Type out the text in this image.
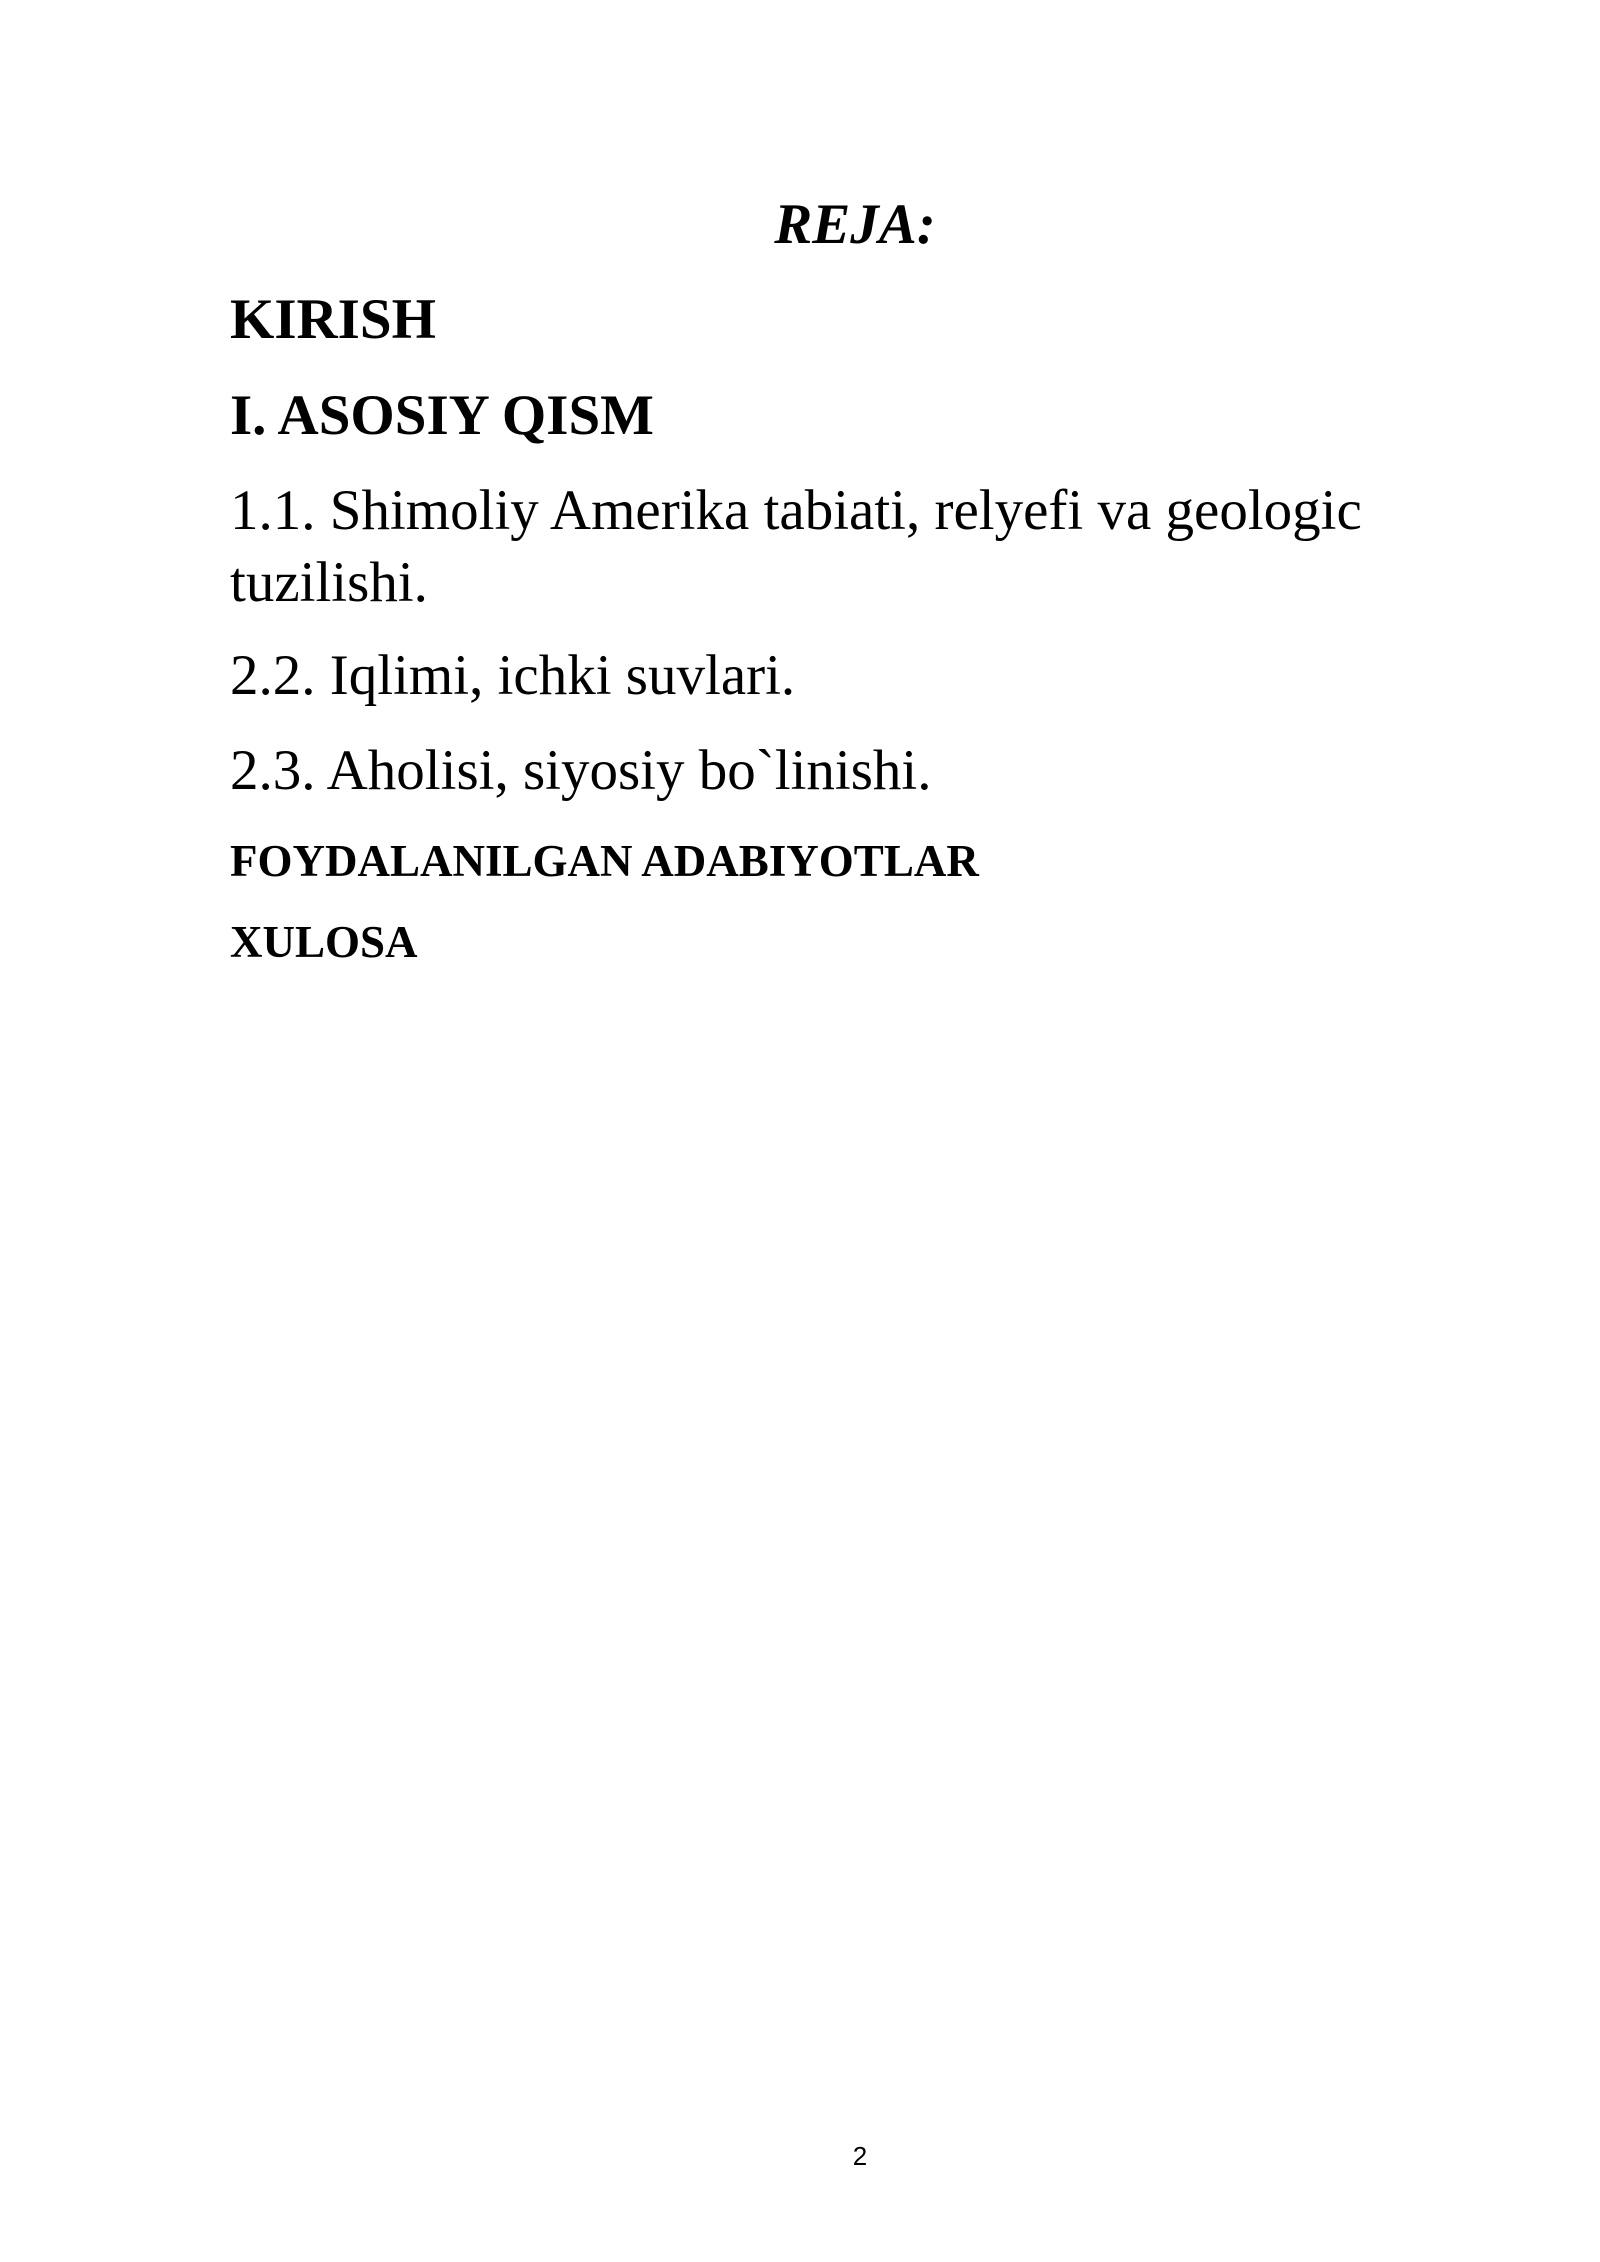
REJA:
KIRISH
I. ASOSIY QISM
1.1. Shimoliy Amerika tabiati, relyefi va geologic tuzilishi.
2.2. Iqlimi, ichki suvlari.
2.3. Aholisi, siyosiy bo`linishi.
FOYDALANILGAN ADABIYOTLAR
XULOSA
2
